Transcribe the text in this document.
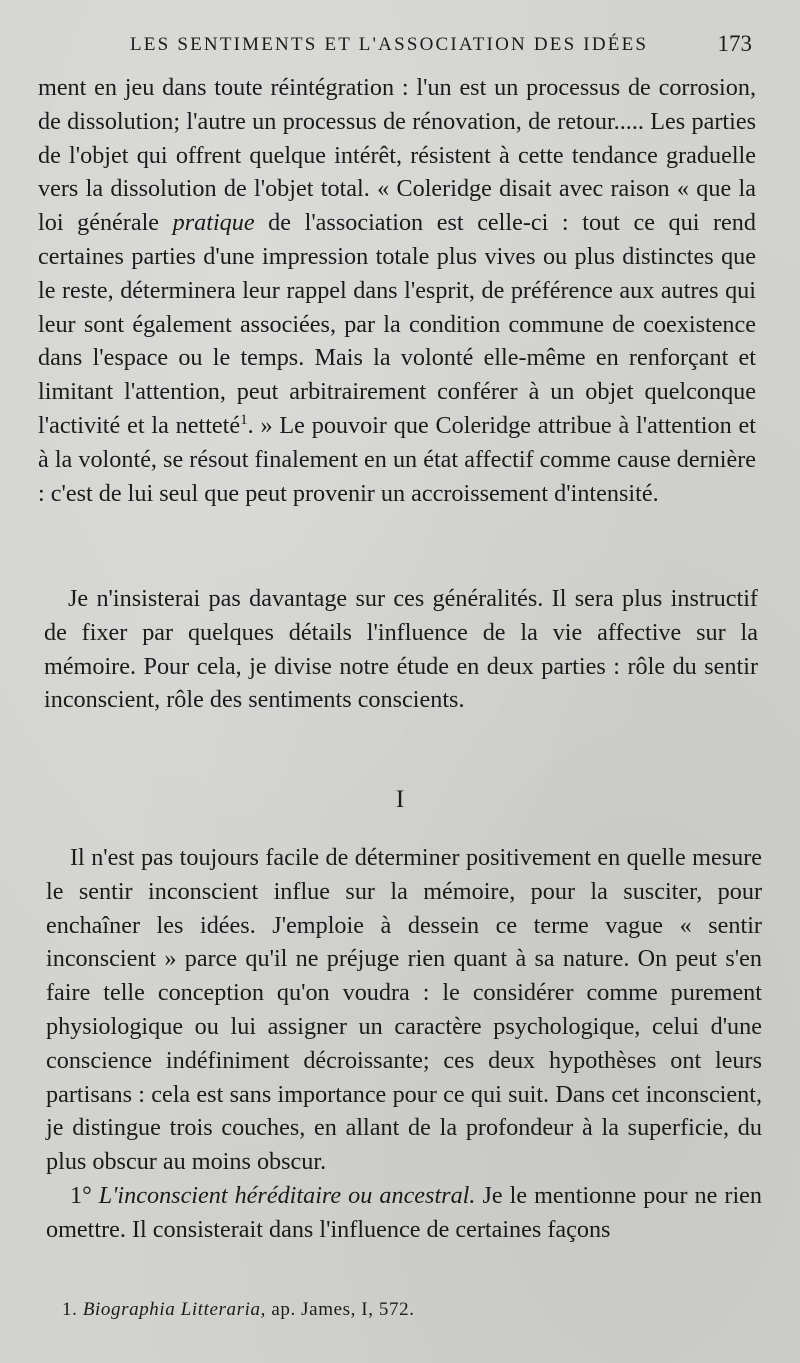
LES SENTIMENTS ET L'ASSOCIATION DES IDÉES	173

ment en jeu dans toute réintégration : l'un est un processus de corrosion, de dissolution; l'autre un processus de rénovation, de retour..... Les parties de l'objet qui offrent quelque intérêt, résistent à cette tendance graduelle vers la dissolution de l'objet total. « Coleridge disait avec raison « que la loi générale pratique de l'association est celle-ci : tout ce qui rend certaines parties d'une impression totale plus vives ou plus distinctes que le reste, déterminera leur rappel dans l'esprit, de préférence aux autres qui leur sont également associées, par la condition commune de coexistence dans l'espace ou le temps. Mais la volonté elle-même en renforçant et limitant l'attention, peut arbitrairement conférer à un objet quelconque l'activité et la netteté$^1$. » Le pouvoir que Coleridge attribue à l'attention et à la volonté, se résout finalement en un état affectif comme cause dernière : c'est de lui seul que peut provenir un accroissement d'intensité.

Je n'insisterai pas davantage sur ces généralités. Il sera plus instructif de fixer par quelques détails l'influence de la vie affective sur la mémoire. Pour cela, je divise notre étude en deux parties : rôle du sentir inconscient, rôle des sentiments conscients.

I

Il n'est pas toujours facile de déterminer positivement en quelle mesure le sentir inconscient influe sur la mémoire, pour la susciter, pour enchaîner les idées. J'emploie à dessein ce terme vague « sentir inconscient » parce qu'il ne préjuge rien quant à sa nature. On peut s'en faire telle conception qu'on voudra : le considérer comme purement physiologique ou lui assigner un caractère psychologique, celui d'une conscience indéfiniment décroissante; ces deux hypothèses ont leurs partisans : cela est sans importance pour ce qui suit. Dans cet inconscient, je distingue trois couches, en allant de la profondeur à la superficie, du plus obscur au moins obscur.

1° L'inconscient héréditaire ou ancestral. Je le mentionne pour ne rien omettre. Il consisterait dans l'influence de certaines façons

1. Biographia Litteraria, ap. James, I, 572.
